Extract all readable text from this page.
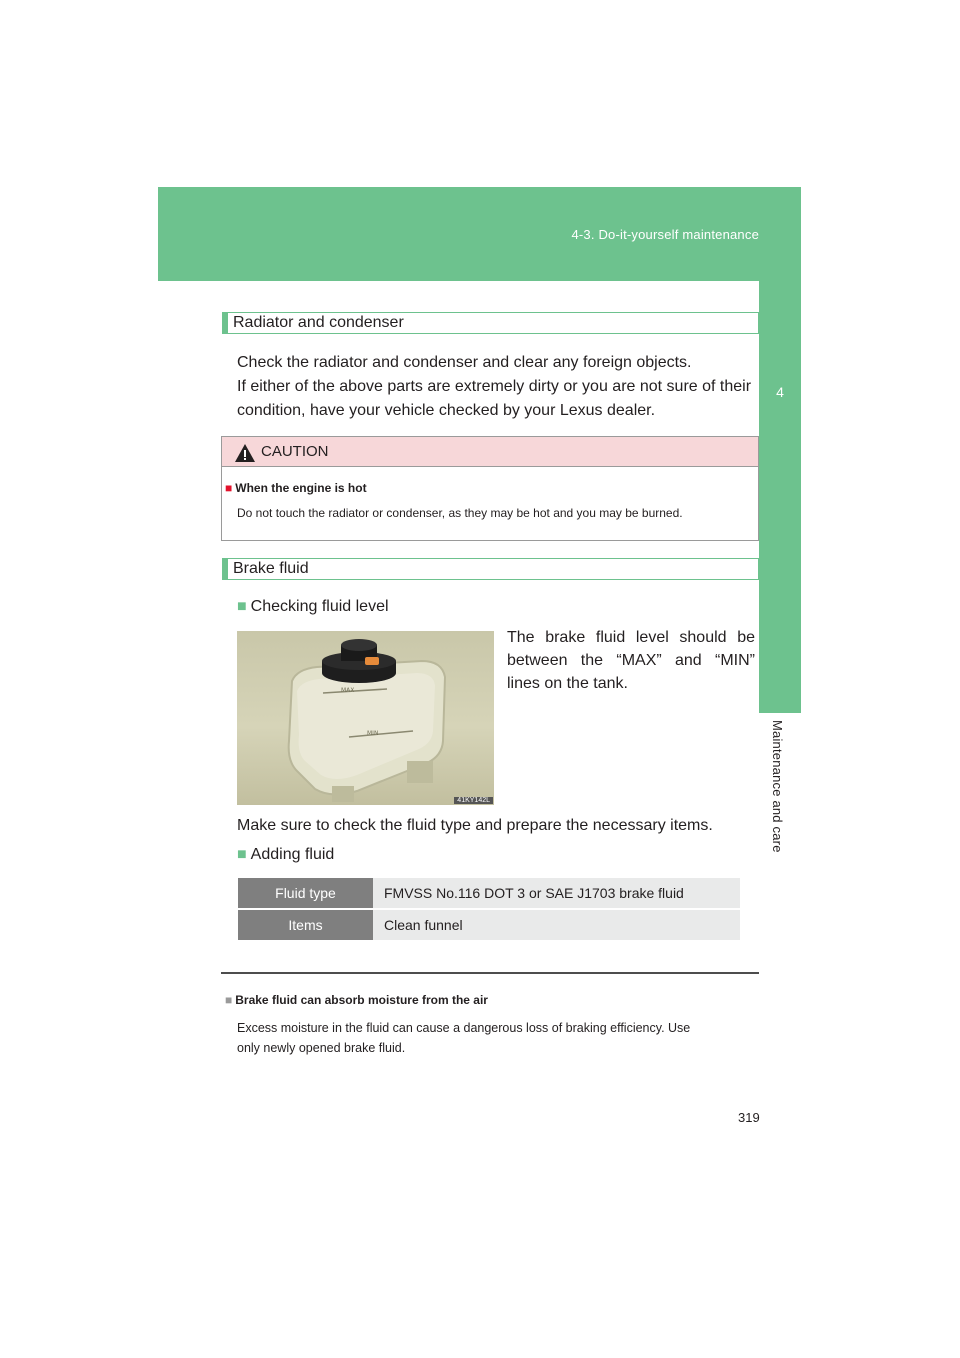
4-3. Do-it-yourself maintenance
4
Maintenance and care
Radiator and condenser
Check the radiator and condenser and clear any foreign objects.
If either of the above parts are extremely dirty or you are not sure of their
condition, have your vehicle checked by your Lexus dealer.
CAUTION
■ When the engine is hot
Do not touch the radiator or condenser, as they may be hot and you may be burned.
Brake fluid
■ Checking fluid level
MAX
MIN
41KY142L
The brake fluid level should be between the “MAX” and “MIN” lines on the tank.
Make sure to check the fluid type and prepare the necessary items.
■ Adding fluid
Fluid type	FMVSS No.116 DOT 3 or SAE J1703 brake fluid
Items	Clean funnel
■ Brake fluid can absorb moisture from the air
Excess moisture in the fluid can cause a dangerous loss of braking efficiency. Use
only newly opened brake fluid.
319
